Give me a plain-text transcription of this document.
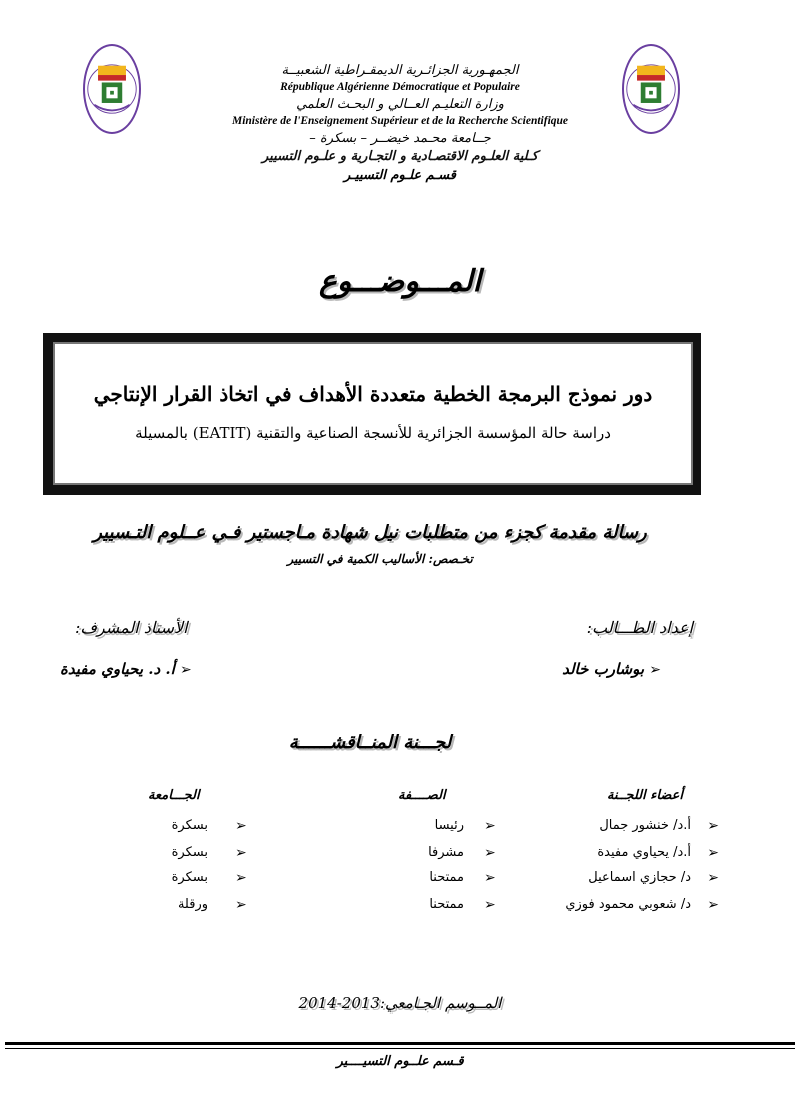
الجمهـورية الجزائـرية الديمقـراطية الشعبيــة
République Algérienne Démocratique et Populaire
وزارة التعليـم العــالي و البحـث العلمي
Ministère de l'Enseignement Supérieur et de la Recherche Scientifique
جــامعة محـمد خيضــر – بسكرة –
كـلية العلـوم الاقتصـادية و التجـارية و علـوم التسيير
قسـم علـوم التسييـر
المـــوضـــوع
دور نموذج البرمجة الخطية متعددة الأهداف في اتخاذ القرار الإنتاجي
دراسة حالة المؤسسة الجزائرية للأنسجة الصناعية والتقنية (EATIT) بالمسيلة
رسالة مقدمة كجزء من متطلبات نيل شهادة مـاجستير فـي عــلوم التـسيير
تخـصص: الأساليب الكمية في التسيير
إعداد الطـــالب:
➢ بوشارب خالد
الأستاذ المشرف:
➢ أ. د. يحياوي مفيدة
لجـــنة المنــاقشــــــة
أعضاء اللجــنة
الصــــفة
الجـــامعة
➢
أ.د/ خنشور جمال
➢
رئيسا
➢
بسكرة
➢
أ.د/ يحياوي مفيدة
➢
مشرفا
➢
بسكرة
➢
د/ حجازي اسماعيل
➢
ممتحنا
➢
بسكرة
➢
د/ شعوبي محمود فوزي
➢
ممتحنا
➢
ورقلة
المــوسم الجـامعي:2013-2014
قـسم علــوم التسيــــير
